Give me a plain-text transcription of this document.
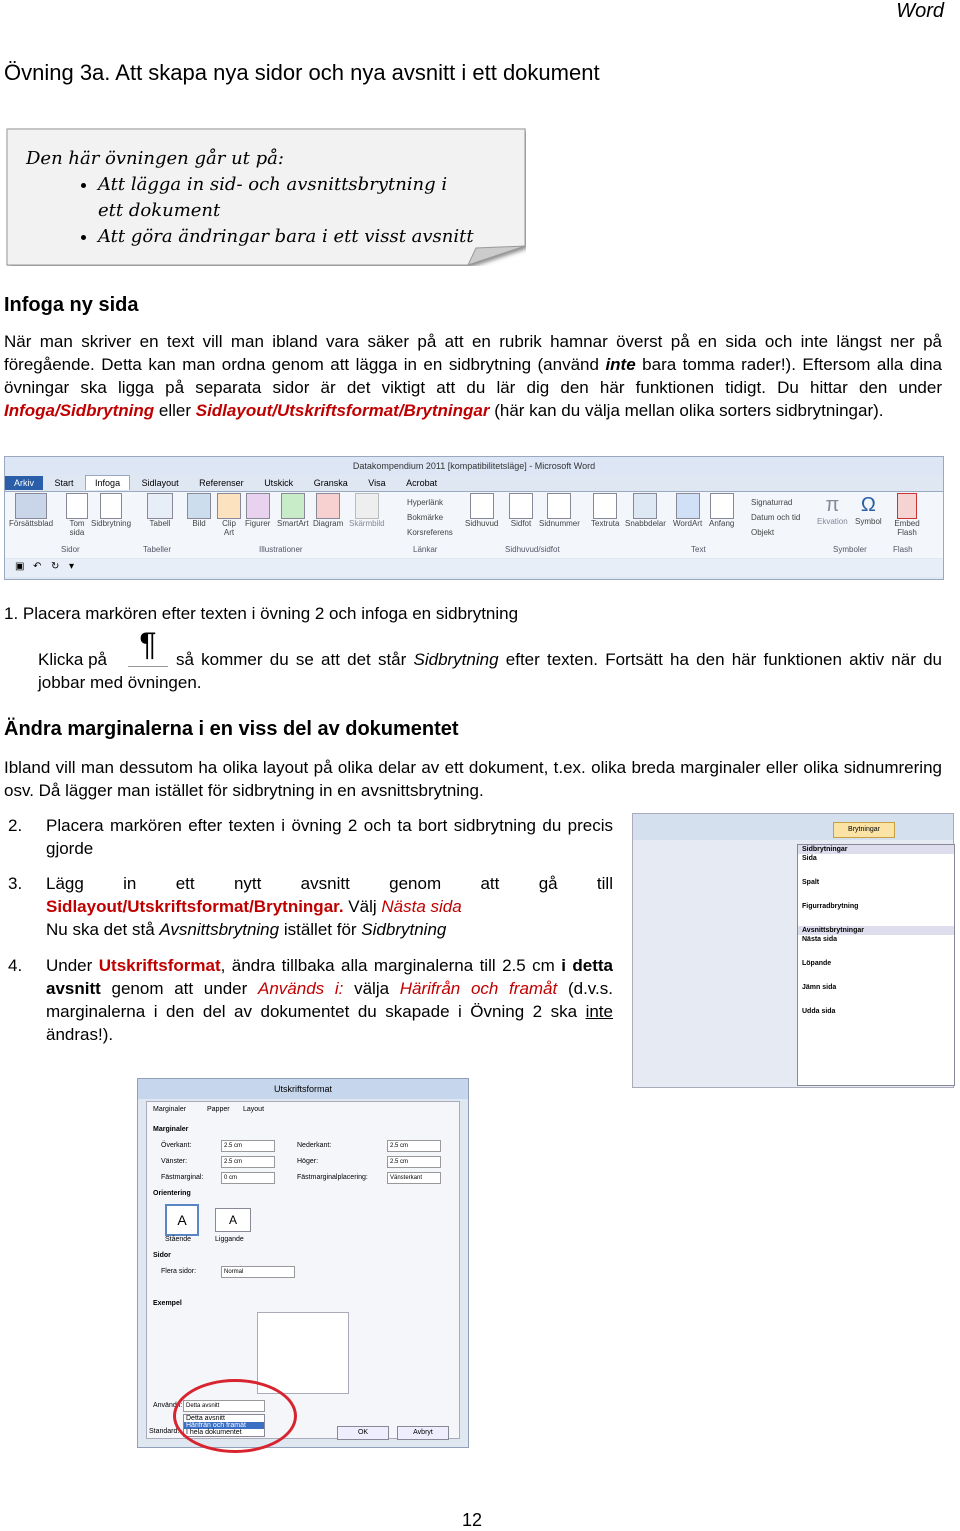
Word
Övning 3a. Att skapa nya sidor och nya avsnitt i ett dokument
Den här övningen går ut på:
• Att lägga in sid- och avsnittsbrytning i ett dokument
• Att göra ändringar bara i ett visst avsnitt
Infoga ny sida
När man skriver en text vill man ibland vara säker på att en rubrik hamnar överst på en sida och inte längst ner på föregående. Detta kan man ordna genom att lägga in en sidbrytning (använd inte bara tomma rader!). Eftersom alla dina övningar ska ligga på separata sidor är det viktigt att du lär dig den här funktionen tidigt. Du hittar den under Infoga/Sidbrytning eller Sidlayout/Utskriftsformat/Brytningar (här kan du välja mellan olika sorters sidbrytningar).
Datakompendium 2011 [kompatibilitetsläge] - Microsoft Word
Arkiv Start Infoga Sidlayout Referenser Utskick Granska Visa Acrobat
Försättsblad	Tom sida
Sidbrytning	Tabell	Bild	Clip Art
Figurer SmartArt Diagram Skärmbild
Hyperlänk
Bokmärke
Korsreferens
Sidhuvud Sidfot Sidnummer Textruta Snabbdelar WordArt Anfang
Signaturrad
Datum och tid
Objekt
π
Ekvation
Ω
Symbol Embed Flash
Sidor	Tabeller	Illustrationer	Länkar	Sidhuvud/sidfot	Text	Symboler	Flash
▣ ↶ ↻ ▾
1. Placera markören efter texten i övning 2 och infoga en sidbrytning
Klicka på	¶	så kommer du se att det står Sidbrytning efter texten. Fortsätt ha den här funktionen aktiv när du jobbar med övningen.
Ändra marginalerna i en viss del av dokumentet
Ibland vill man dessutom ha olika layout på olika delar av ett dokument, t.ex. olika breda marginaler eller olika sidnumrering osv. Då lägger man istället för sidbrytning in en avsnittsbrytning.
2. Placera markören efter texten i övning 2 och ta bort sidbrytning du precis gjorde
3. Lägg in ett nytt avsnitt genom att gå till Sidlayout/Utskriftsformat/Brytningar. Välj Nästa sida
Nu ska det stå Avsnittsbrytning istället för Sidbrytning
4. Under Utskriftsformat, ändra tillbaka alla marginalerna till 2.5 cm i detta avsnitt genom att under Används i: välja Härifrån och framåt (d.v.s. marginalerna i den del av dokumentet du skapade i Övning 2 ska inte ändras!).
Brytningar
Sidbrytningar
Sida
Spalt
Figurradbrytning
Avsnittsbrytningar
Nästa sida
Löpande
Jämn sida
Udda sida
Utskriftsformat
Marginaler	Papper Layout
Marginaler
Överkant:	2.5 cm	Nederkant:	2.5 cm
Vänster:	2.5 cm	Höger:	2.5 cm
Fästmarginal:	0 cm	Fästmarginalplacering:	Vänsterkant
Orientering
A
Stående
A
Liggande
Sidor
Flera sidor:	Normal
Exempel
Använd i: Detta avsnitt
Detta avsnitt
Härifrån och framåt
I hela dokumentet
Standard...	OK	Avbryt
12
